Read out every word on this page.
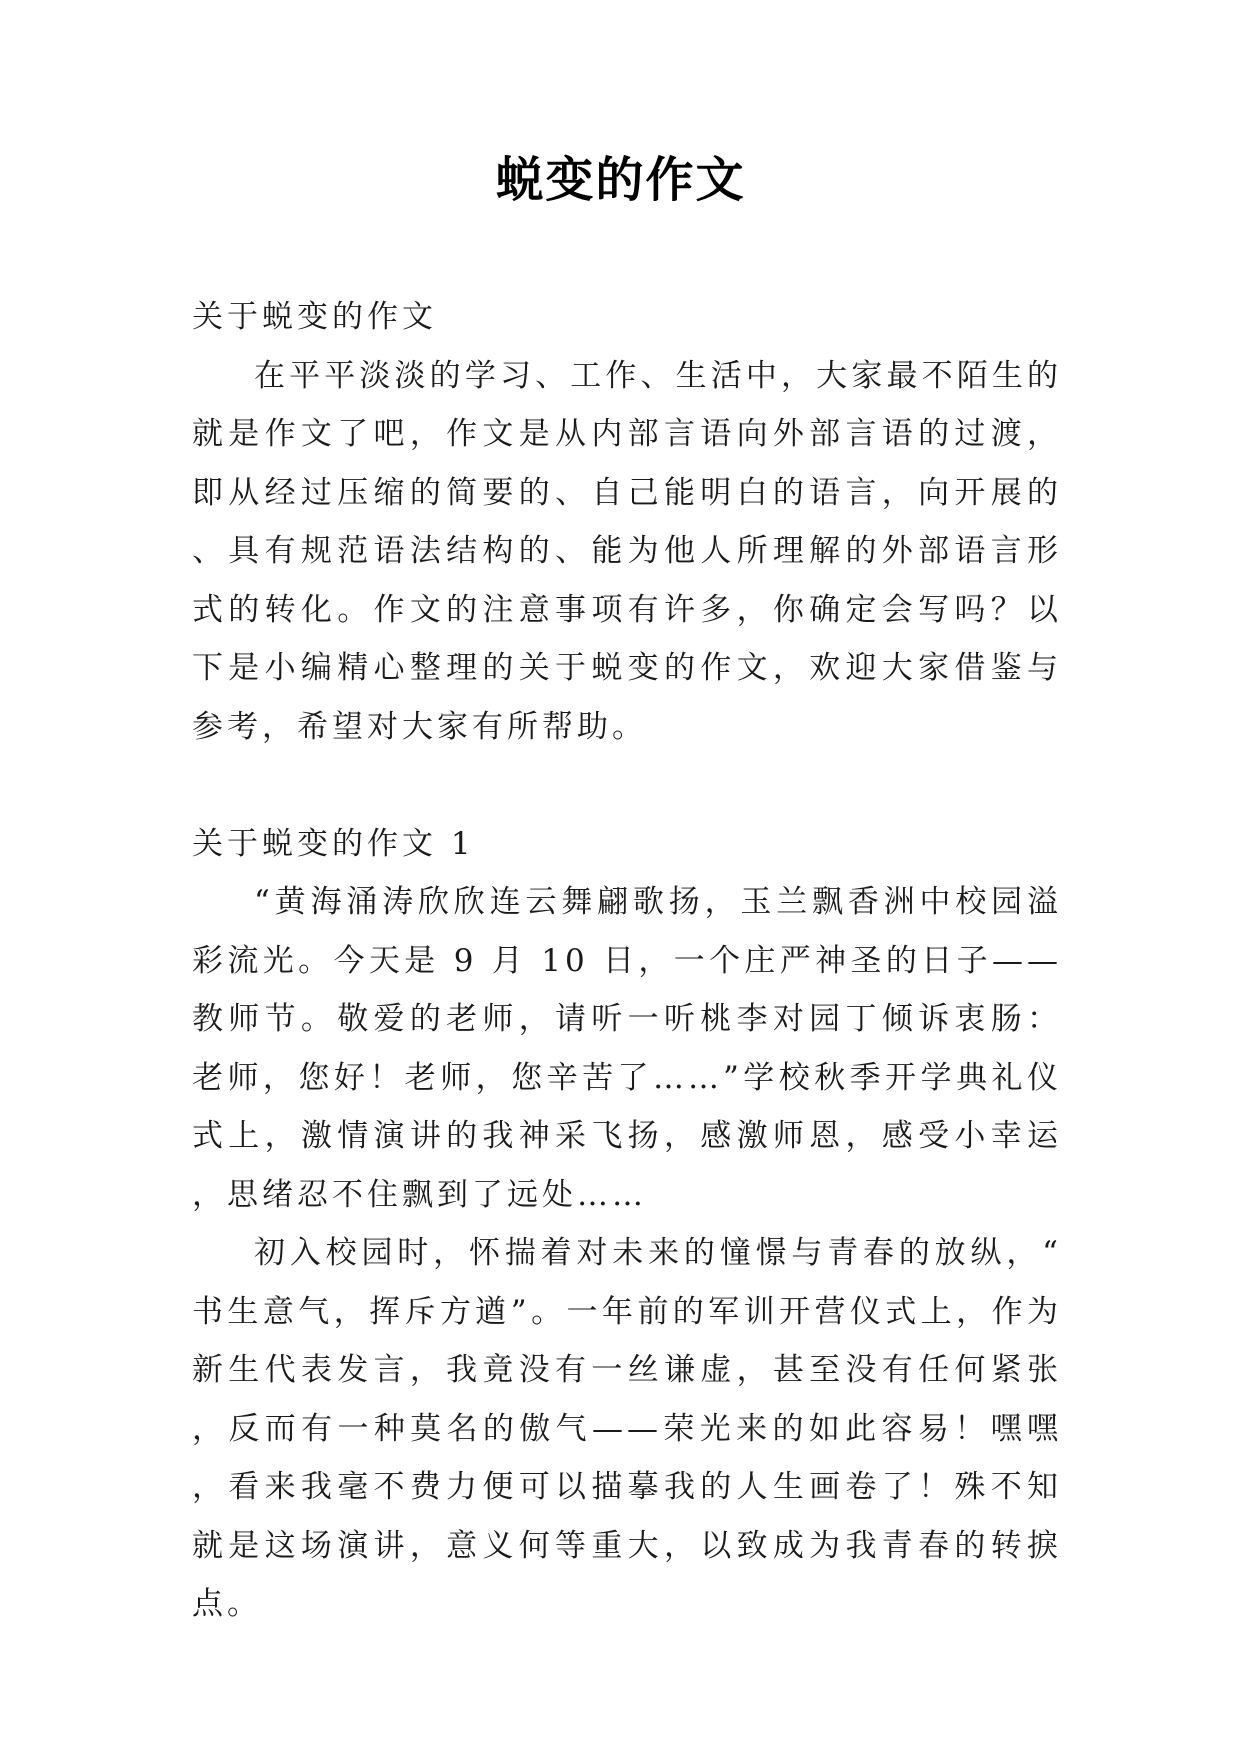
蜕变的作文

关于蜕变的作文

在平平淡淡的学习、工作、生活中，大家最不陌生的就是作文了吧，作文是从内部言语向外部言语的过渡，即从经过压缩的简要的、自己能明白的语言，向开展的、具有规范语法结构的、能为他人所理解的外部语言形式的转化。作文的注意事项有许多，你确定会写吗？以下是小编精心整理的关于蜕变的作文，欢迎大家借鉴与参考，希望对大家有所帮助。

关于蜕变的作文 1

“黄海涌涛欣欣连云舞翩歌扬，玉兰飘香洲中校园溢彩流光。今天是 9 月 10 日，一个庄严神圣的日子——教师节。敬爱的老师，请听一听桃李对园丁倾诉衷肠：老师，您好！老师，您辛苦了……”学校秋季开学典礼仪式上，激情演讲的我神采飞扬，感激师恩，感受小幸运，思绪忍不住飘到了远处……

初入校园时，怀揣着对未来的憧憬与青春的放纵，“书生意气，挥斥方遒”。一年前的军训开营仪式上，作为新生代表发言，我竟没有一丝谦虚，甚至没有任何紧张，反而有一种莫名的傲气——荣光来的如此容易！嘿嘿，看来我毫不费力便可以描摹我的人生画卷了！殊不知就是这场演讲，意义何等重大，以致成为我青春的转捩点。
